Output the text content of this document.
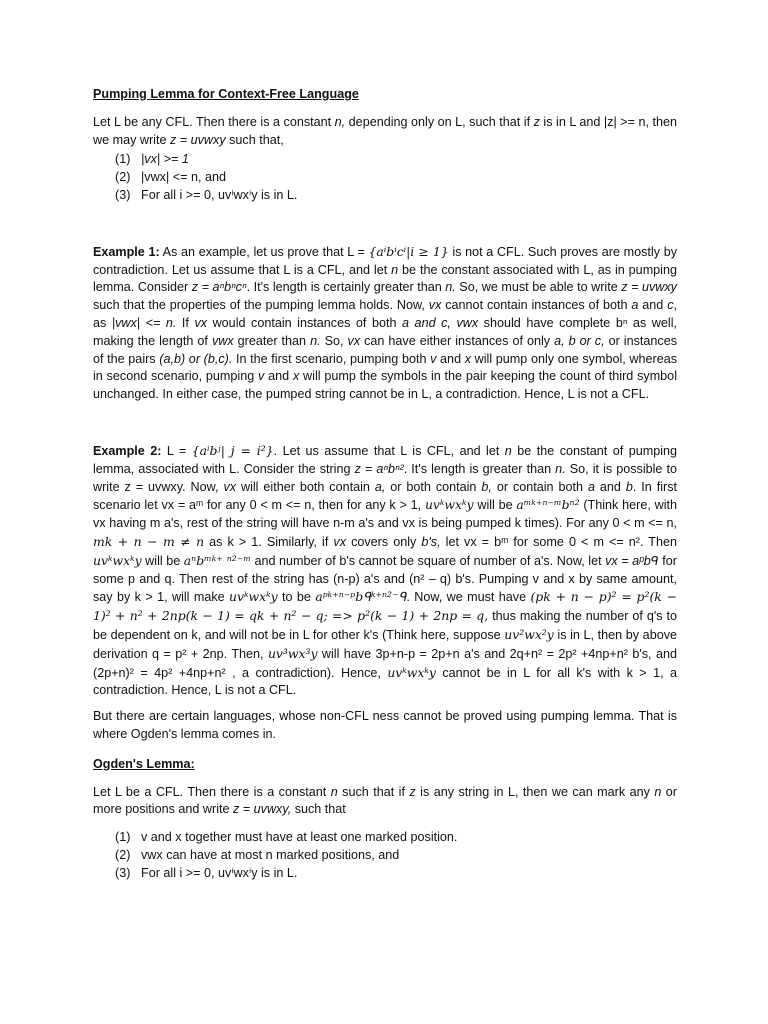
Pumping Lemma for Context-Free Language

Let L be any CFL. Then there is a constant n, depending only on L, such that if z is in L and |z| >= n, then we may write z = uvwxy such that,

(1) |vx| >= 1
(2) |vwx| <= n, and
(3) For all i >= 0, uvⁱwxⁱy is in L.

Example 1: As an example, let us prove that L = {aⁱbⁱcⁱ|i ≥ 1} is not a CFL. Such proves are mostly by contradiction. Let us assume that L is a CFL, and let n be the constant associated with L, as in pumping lemma. Consider z = aⁿbⁿcⁿ. It's length is certainly greater than n. So, we must be able to write z = uvwxy such that the properties of the pumping lemma holds. Now, vx cannot contain instances of both a and c, as |vwx| <= n. If vx would contain instances of both a and c, vwx should have complete bⁿ as well, making the length of vwx greater than n. So, vx can have either instances of only a, b or c, or instances of the pairs (a,b) or (b,c). In the first scenario, pumping both v and x will pump only one symbol, whereas in second scenario, pumping v and x will pump the symbols in the pair keeping the count of third symbol unchanged. In either case, the pumped string cannot be in L, a contradiction. Hence, L is not a CFL.

Example 2: L = {aⁱbʲ| j = i²}. Let us assume that L is CFL, and let n be the constant of pumping lemma, associated with L. Consider the string z = aⁿbⁿ². It's length is greater than n. So, it is possible to write z = uvwxy. Now, vx will either both contain a, or both contain b, or contain both a and b. In first scenario let vx = aᵐ for any 0 < m <= n, then for any k > 1, uvᵏwxᵏy will be aᵐᵏ⁺ⁿ⁻ᵐbⁿ² (Think here, with vx having m a's, rest of the string will have n-m a's and vx is being pumped k times). For any 0 < m <= n, mk + n − m ≠ n as k > 1. Similarly, if vx covers only b's, let vx = bᵐ for some 0 < m <= n². Then uvᵏwxᵏy will be aⁿbᵐᵏ⁺ ⁿ²⁻ᵐ and number of b's cannot be square of number of a's. Now, let vx = aᵖbᑫ for some p and q. Then rest of the string has (n-p) a's and (n² – q) b's. Pumping v and x by same amount, say by k > 1, will make uvᵏwxᵏy to be aᵖᵏ⁺ⁿ⁻ᵖbᑫᵏ⁺ⁿ²⁻ᑫ. Now, we must have (pk + n − p)² = p²(k − 1)² + n² + 2np(k − 1) = qk + n² − q; => p²(k − 1) + 2np = q, thus making the number of q's to be dependent on k, and will not be in L for other k's (Think here, suppose uv²wx²y is in L, then by above derivation q = p² + 2np. Then, uv³wx³y will have 3p+n-p = 2p+n a's and 2q+n² = 2p² +4np+n² b's, and (2p+n)² = 4p² +4np+n² , a contradiction). Hence, uvᵏwxᵏy cannot be in L for all k's with k > 1, a contradiction. Hence, L is not a CFL.

But there are certain languages, whose non-CFL ness cannot be proved using pumping lemma. That is where Ogden's lemma comes in.

Ogden's Lemma:

Let L be a CFL. Then there is a constant n such that if z is any string in L, then we can mark any n or more positions and write z = uvwxy, such that

(1) v and x together must have at least one marked position.
(2) vwx can have at most n marked positions, and
(3) For all i >= 0, uvⁱwxⁱy is in L.
